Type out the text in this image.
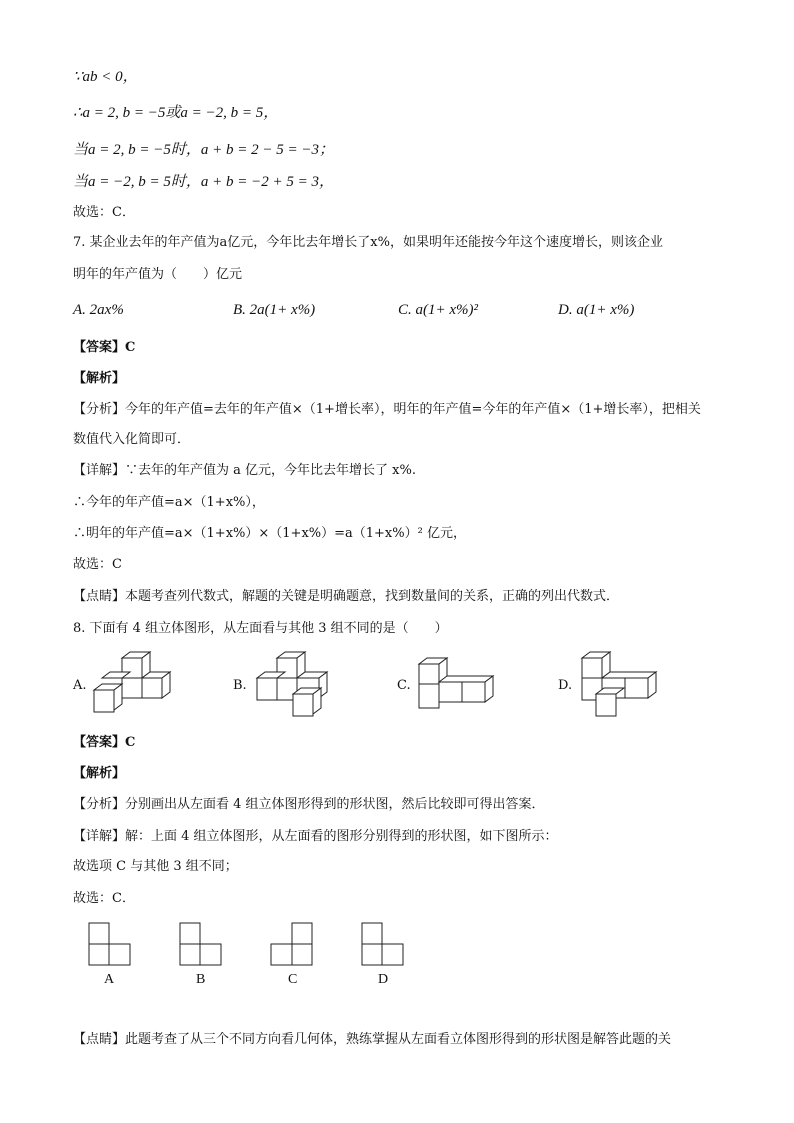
∵ab < 0，
∴a = 2, b = −5或a = −2, b = 5，
当a = 2, b = −5时，a + b = 2 − 5 = −3；
当a = −2, b = 5时，a + b = −2 + 5 = 3，
故选：C．
7. 某企业去年的年产值为a亿元，今年比去年增长了x%，如果明年还能按今年这个速度增长，则该企业
明年的年产值为（　　）亿元
A. 2ax%	B. 2a(1+ x%)	C. a(1+ x%)²	D. a(1+ x%)
【答案】C
【解析】
【分析】今年的年产值=去年的年产值×（1+增长率），明年的年产值=今年的年产值×（1+增长率），把相关
数值代入化简即可．
【详解】∵去年的年产值为 a 亿元，今年比去年增长了 x%.
∴今年的年产值=a×（1+x%），
∴明年的年产值=a×（1+x%）×（1+x%）=a（1+x%）² 亿元，
故选：C
【点睛】本题考查列代数式，解题的关键是明确题意，找到数量间的关系，正确的列出代数式．
8. 下面有 4 组立体图形，从左面看与其他 3 组不同的是（　　）
A.	B.	C.	D.
【答案】C
【解析】
【分析】分别画出从左面看 4 组立体图形得到的形状图，然后比较即可得出答案．
【详解】解：上面 4 组立体图形，从左面看的图形分别得到的形状图，如下图所示：
故选项 C 与其他 3 组不同；
故选：C．
A	B	C	D
【点睛】此题考查了从三个不同方向看几何体，熟练掌握从左面看立体图形得到的形状图是解答此题的关
